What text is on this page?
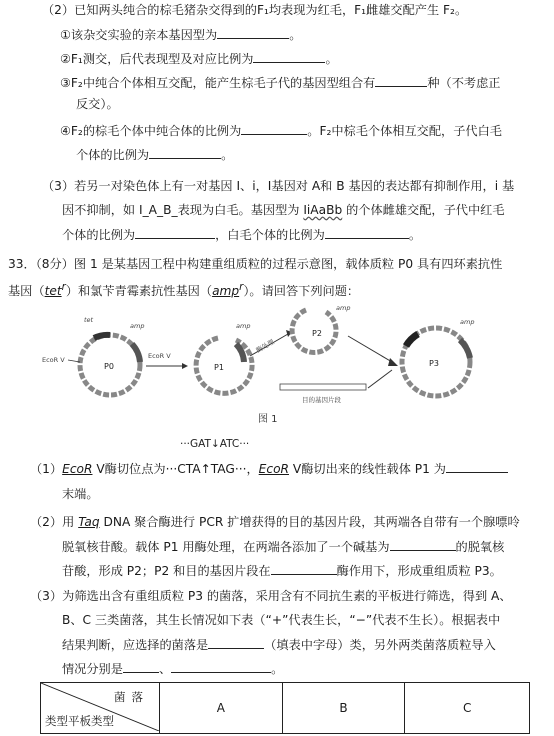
（2）已知两头纯合的棕毛猪杂交得到的F₁均表现为红毛，F₁雌雄交配产生 F₂。
①该杂交实验的亲本基因型为	。
②F₁测交，后代表现型及对应比例为	。
③F₂中纯合个体相互交配，能产生棕毛子代的基因型组合有	种（不考虑正
反交）。
④F₂的棕毛个体中纯合体的比例为	。F₂中棕毛个体相互交配，子代白毛
个体的比例为	。
（3）若另一对染色体上有一对基因 I、i，I基因对 A和 B 基因的表达都有抑制作用，i 基
因不抑制，如 I_A_B_表现为白毛。基因型为 IiAaBb 的个体雌雄交配，子代中红毛
个体的比例为	，白毛个体的比例为	。
33．（8分）图 1 是某基因工程中构建重组质粒的过程示意图，载体质粒 P0 具有四环素抗性
基因（tet$^r$）和氯苄青霉素抗性基因（amp$^r$）。请回答下列问题：
P0
tet
amp
EcoR V	EcoR V
P1
amp
酶处理
P2
amp
目的基因片段
P3
amp
图 1
···GAT↓ATC···
（1）EcoR V酶切位点为···CTA↑TAG···，EcoR V酶切出来的线性载体 P1 为
末端。
（2）用 Taq DNA 聚合酶进行 PCR 扩增获得的目的基因片段，其两端各自带有一个腺嘌呤
脱氧核苷酸。载体 P1 用酶处理，在两端各添加了一个碱基为	的脱氧核
苷酸，形成 P2；P2 和目的基因片段在	酶作用下，形成重组质粒 P3。
（3）为筛选出含有重组质粒 P3 的菌落，采用含有不同抗生素的平板进行筛选，得到 A、
B、C 三类菌落，其生长情况如下表（“+”代表生长，“−”代表不生长）。根据表中
结果判断，应选择的菌落是	（填表中字母）类，另外两类菌落质粒导入
情况分别是	、	。
菌落
类型平板类型
	A	B	C
